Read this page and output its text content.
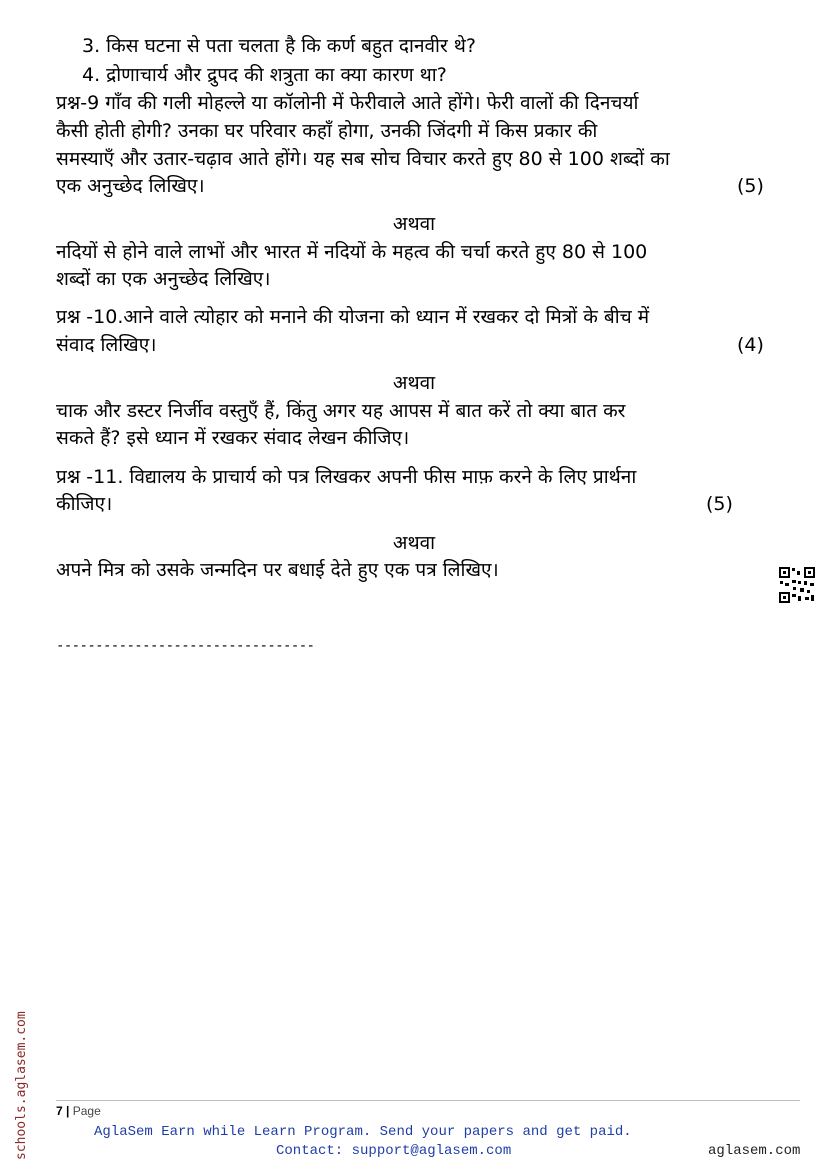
3. किस घटना से पता चलता है कि कर्ण बहुत दानवीर थे?
4. द्रोणाचार्य और द्रुपद की शत्रुता का क्या कारण था?
प्रश्न-9 गाँव की गली मोहल्ले या कॉलोनी में फेरीवाले आते होंगे। फेरी वालों की दिनचर्या
कैसी होती होगी? उनका घर परिवार कहाँ होगा, उनकी जिंदगी में किस प्रकार की
समस्याएँ और उतार-चढ़ाव आते होंगे। यह सब सोच विचार करते हुए 80 से 100 शब्दों का
एक अनुच्छेद लिखिए।	(5)
अथवा
नदियों से होने वाले लाभों और भारत में नदियों के महत्व की चर्चा करते हुए 80 से 100
शब्दों का एक अनुच्छेद लिखिए।
प्रश्न -10.आने वाले त्योहार को मनाने की योजना को ध्यान में रखकर दो मित्रों के बीच में
संवाद लिखिए।	(4)
अथवा
चाक और डस्टर निर्जीव वस्तुएँ हैं, किंतु अगर यह आपस में बात करें तो क्या बात कर
सकते हैं? इसे ध्यान में रखकर संवाद लेखन कीजिए।
प्रश्न -11. विद्यालय के प्राचार्य को पत्र लिखकर अपनी फीस माफ़ करने के लिए प्रार्थना
कीजिए।	(5)
अथवा
अपने मित्र को उसके जन्मदिन पर बधाई देते हुए एक पत्र लिखिए।
---------------------------------
schools.aglasem.com 7 | Page
AglaSem Earn while Learn Program. Send your papers and get paid.
Contact: support@aglasem.com	aglasem.com
